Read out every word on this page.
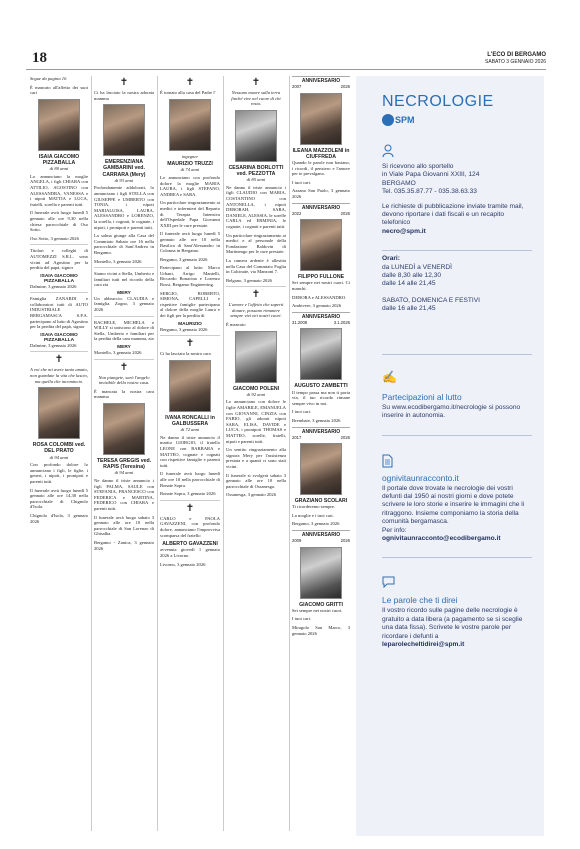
18	L'ECO DI BERGAMO
SABATO 3 GENNAIO 2026

Segue da pagina 16

È mancato all'affetto dei suoi cari

ISAIA GIACOMO PIZZABALLA
di 80 anni

Lo annunciano la moglie ANGELA, i figli CHIARA con ATTILIO, AGOSTINO con ALESSANDRA, VANESSA e i nipoti MATTIA e LUCA, fratelli, sorella e parenti tutti.

Il funerale avrà luogo lunedì 5 gennaio alle ore 9,30 nella chiesa parrocchiale di Oso Sotto.

Oso Sotto, 3 gennaio 2026

Titolari e colleghi di AUTOMEZZI S.R.L. sono vicini ad Agostino per la perdita del papà, signor

ISAIA GIACOMO PIZZABALLA

Dalmine, 3 gennaio 2026

Famiglia ZANARDI e collaboratori tutti di AUTO INDUSTRIALE BERGAMASCA S.P.A. partecipano al lutto di Agostino per la perdita del papà, signor

ISAIA GIACOMO PIZZABALLA

Dalmine, 3 gennaio 2026

✝

A voi che mi avete tanto amato, non guardate la vita che lascio, ma quella che incomincio.

ROSA COLOMBI ved. DEL PRATO
di 94 anni

Con profondo dolore lo annunciano i figli, le figlie, i generi, i nipoti, i pronipoti e parenti tutti.

Il funerale avrà luogo lunedì 5 gennaio alle ore 14,30 nella parrocchiale di Chignolo d'Isola.

Chignolo d'Isola, 3 gennaio 2026

✝

Ci ha lasciato la nostra adorata mamma

EMERENZIANA GAMBARINI ved. CARRARA (Mery)
di 93 anni

Profondamente addolorati, lo annunciano i figli STELLA con GIUSEPPE e UMBERTO con TONIA, i nipoti MARIALUISA, LAURA, ALESSANDRO e LORENZO, la sorella, i cognati, le cognate, i nipoti, i pronipoti e parenti tutti.

La salma giunge alla Casa del Commiato Sabato ore 16 nella parrocchiale di Sant'Andrea in Bergamo.

Montello, 3 gennaio 2026

Siamo vicini a Stella, Umberto e familiari tutti nel ricordo della cara zia

MERY

Un abbraccio. CLAUDIA e famiglia. Zogno, 3 gennaio 2026

RACHELE, MICHELA e WILLY si uniscono al dolore di Stella, Umberto e familiari per la perdita della cara mamma, zia

MERY

Montello, 3 gennaio 2026

✝

Non piangete, sarò l'angelo invisibile della vostra casa.

È mancata la nostra cara mamma

TERESA GREGIS ved. RAPIS (Teresina)
di 94 anni

Ne danno il triste annuncio i figli PALMA, SAULE con STEFANIA, FRANCESCO con FEDERICA e MARTINA, FEDERICO con CHIARA e parenti tutti.

Il funerale avrà luogo sabato 3 gennaio alle ore 10 nella parrocchiale di San Lorenzo di Ghisalba.

Bergamo - Zanica, 3 gennaio 2026

✝

È tornato alla casa del Padre l'

ingegner
MAURIZIO TRUZZI
di 74 anni

Lo annunciano con profondo dolore la moglie MARIA LAURA, i figli STEFANO, ANDREA e SARA.

Un particolare ringraziamento ai medici e infermieri del Reparto di Terapia Intensiva dell'Ospedale Papa Giovanni XXIII per le cure prestate.

Il funerale avrà luogo lunedì 5 gennaio alle ore 10 nella Basilica di Sant'Alessandro in Colonna in Bergamo.

Bergamo, 3 gennaio 2026

Partecipano al lutto: Marco Urbani, Arrigo Mantelli, Riccardo Bonacina e Lorenzo Rossi, Bergamo Engineering.

SERGIO, ROBERTO, SIMONA, CAPELLI e rispettive famiglie partecipano al dolore della moglie Laura e dei figli per la perdita di

MAURIZIO

Bergamo, 3 gennaio 2026

✝

Ci ha lasciato la nostra cara

IVANA RONCALLI in GALBUSSERA
di 72 anni

Ne danno il triste annuncio il marito GIORGIO, il fratello LEONE con BARBARA e MATTEO, cognate e cognati con rispettive famiglie e parenti tutti.

Il funerale avrà luogo lunedì alle ore 10 nella parrocchiale di Bonate Sopra.

Bonate Sopra, 3 gennaio 2026

✝

CARLO e PAOLA GAVAZZENI, con profondo dolore, annunciano l'improvvisa scomparsa del fratello

ALBERTO GAVAZZENI

avvenuta giovedì 1 gennaio 2026 a Livorno.

Livorno, 3 gennaio 2026

✝

Nessuno muore sulla terra finché vive nel cuore di chi resta.

CESARINA BORLOTTI ved. PEZZOTTA
di 85 anni

Ne danno il triste annuncio i figli CLAUDIO con MARIA, COSTANTINO con ANTONELLA, i nipoti DEBORAH, SARA, DANIELE, ALESSIA, le sorelle CARLA ed ERMINIA, le cognate, i cognati e parenti tutti.

Un particolare ringraziamento ai medici e al personale della Fondazione Baldovin di Martinengo per le cure prestate.

La camera ardente è allestita nella Casa del Commiato Foglia in Calcinate, via Manzoni 7.

Belgano, 3 gennaio 2026

✝

L'amore e l'affetto che saperti donare, possano rimanere sempre vivi nei nostri cuori.

È mancato

GIACOMO POLENI
di 92 anni

Lo annunciano con dolore le figlie AMABILE, EMANUELA con GIOVANNI, CINZIA con FABIO, gli adorati nipoti SARA, ELISA, DAVIDE e LUCA, i pronipoti THOMAS e MATTEO, sorelle, fratelli, nipoti e parenti tutti.

Un sentito ringraziamento alla signora Mery per l'assistenza prestata e a quanti ci sono stati vicini.

Il funerale si svolgerà sabato 3 gennaio alle ore 10 nella parrocchiale di Ossanesga.

Ossanesga, 3 gennaio 2026

ANNIVERSARIO
2007	2026
ILEANA MAZZOLENI in CIUFFREDA

Quando le parole non bastano, i ricordi, il pensiero e l'amore per te prevalgano.

I tuoi cari.

Azzano San Paolo, 3 gennaio 2026

ANNIVERSARIO
2022	2026
FILIPPO FULLONE

Sei sempre nei nostri cuori. Ci manchi.

DEBORA e ALESSANDRO.

Ambivere, 3 gennaio 2026

ANNIVERSARIO
31.2008	3.1.2026
AUGUSTO ZAMBETTI

Il tempo passa ma non ti porta via, il tuo ricordo rimane sempre vivo in noi.

I tuoi cari.

Brembate, 3 gennaio 2026

ANNIVERSARIO
2017	2026
GRAZIANO SCOLARI

Ti ricorderemo sempre.

La moglie e i tuoi cari.

Bergamo, 3 gennaio 2026

ANNIVERSARIO
2009	2026
GIACOMO GRITTI

Sei sempre nei nostri cuori.

I tuoi cari.

Miragolo San Marco, 3 gennaio 2026

NECROLOGIE
SPM
Si ricevono allo sportello
in Viale Papa Giovanni XXIII, 124
BERGAMO
Tel. 035.35.87.77 - 035.38.63.33
Le richieste di pubblicazione inviate tramite mail, devono riportare i dati fiscali e un recapito telefonico
necro@spm.it
Orari:
da LUNEDÌ a VENERDÌ
dalle 8,30 alle 12,30
dalle 14 alle 21,45
SABATO, DOMENICA E FESTIVI
dalle 16 alle 21,45
✍
Partecipazioni al lutto
Su www.ecodibergamo.it/necrologie si possono inserire in autonomia.
ognivitaunracconto.it
Il portale dove trovate le necrologie dei vostri defunti dal 1950 ai nostri giorni e dove potete scrivere le loro storie e inserire le immagini che li ritraggono. Insieme componiamo la storia della comunità bergamasca.
Per info:
ognivitaunracconto@ecodibergamo.it
Le parole che ti direi
Il vostro ricordo sulle pagine delle necrologie è gratuito a data libera (a pagamento se si sceglie una data fissa). Scrivete le vostre parole per ricordare i defunti a
leparolecheltidirei@spm.it
